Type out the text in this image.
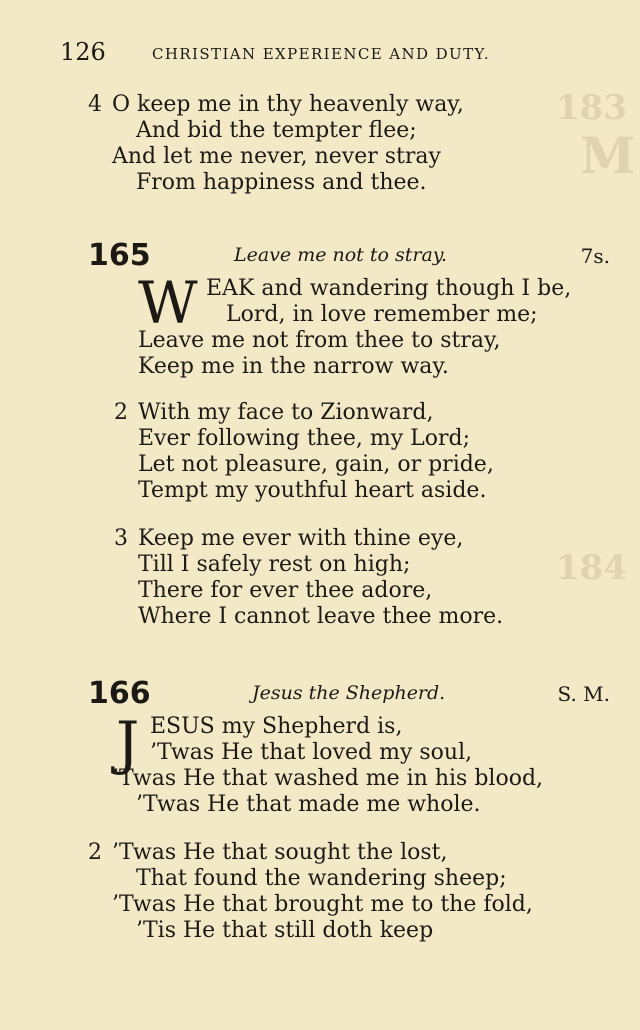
183
M
184
126	CHRISTIAN EXPERIENCE AND DUTY.
4 O keep me in thy heavenly way,
And bid the tempter flee;
And let me never, never stray
From happiness and thee.
165	Leave me not to stray.	7s.
W EAK and wandering though I be,
Lord, in love remember me;
Leave me not from thee to stray,
Keep me in the narrow way.
2 With my face to Zionward,
Ever following thee, my Lord;
Let not pleasure, gain, or pride,
Tempt my youthful heart aside.
3 Keep me ever with thine eye,
Till I safely rest on high;
There for ever thee adore,
Where I cannot leave thee more.
166	Jesus the Shepherd.	S. M.
J ESUS my Shepherd is,
’Twas He that loved my soul,
’Twas He that washed me in his blood,
’Twas He that made me whole.
2 ’Twas He that sought the lost,
That found the wandering sheep;
’Twas He that brought me to the fold,
’Tis He that still doth keep
